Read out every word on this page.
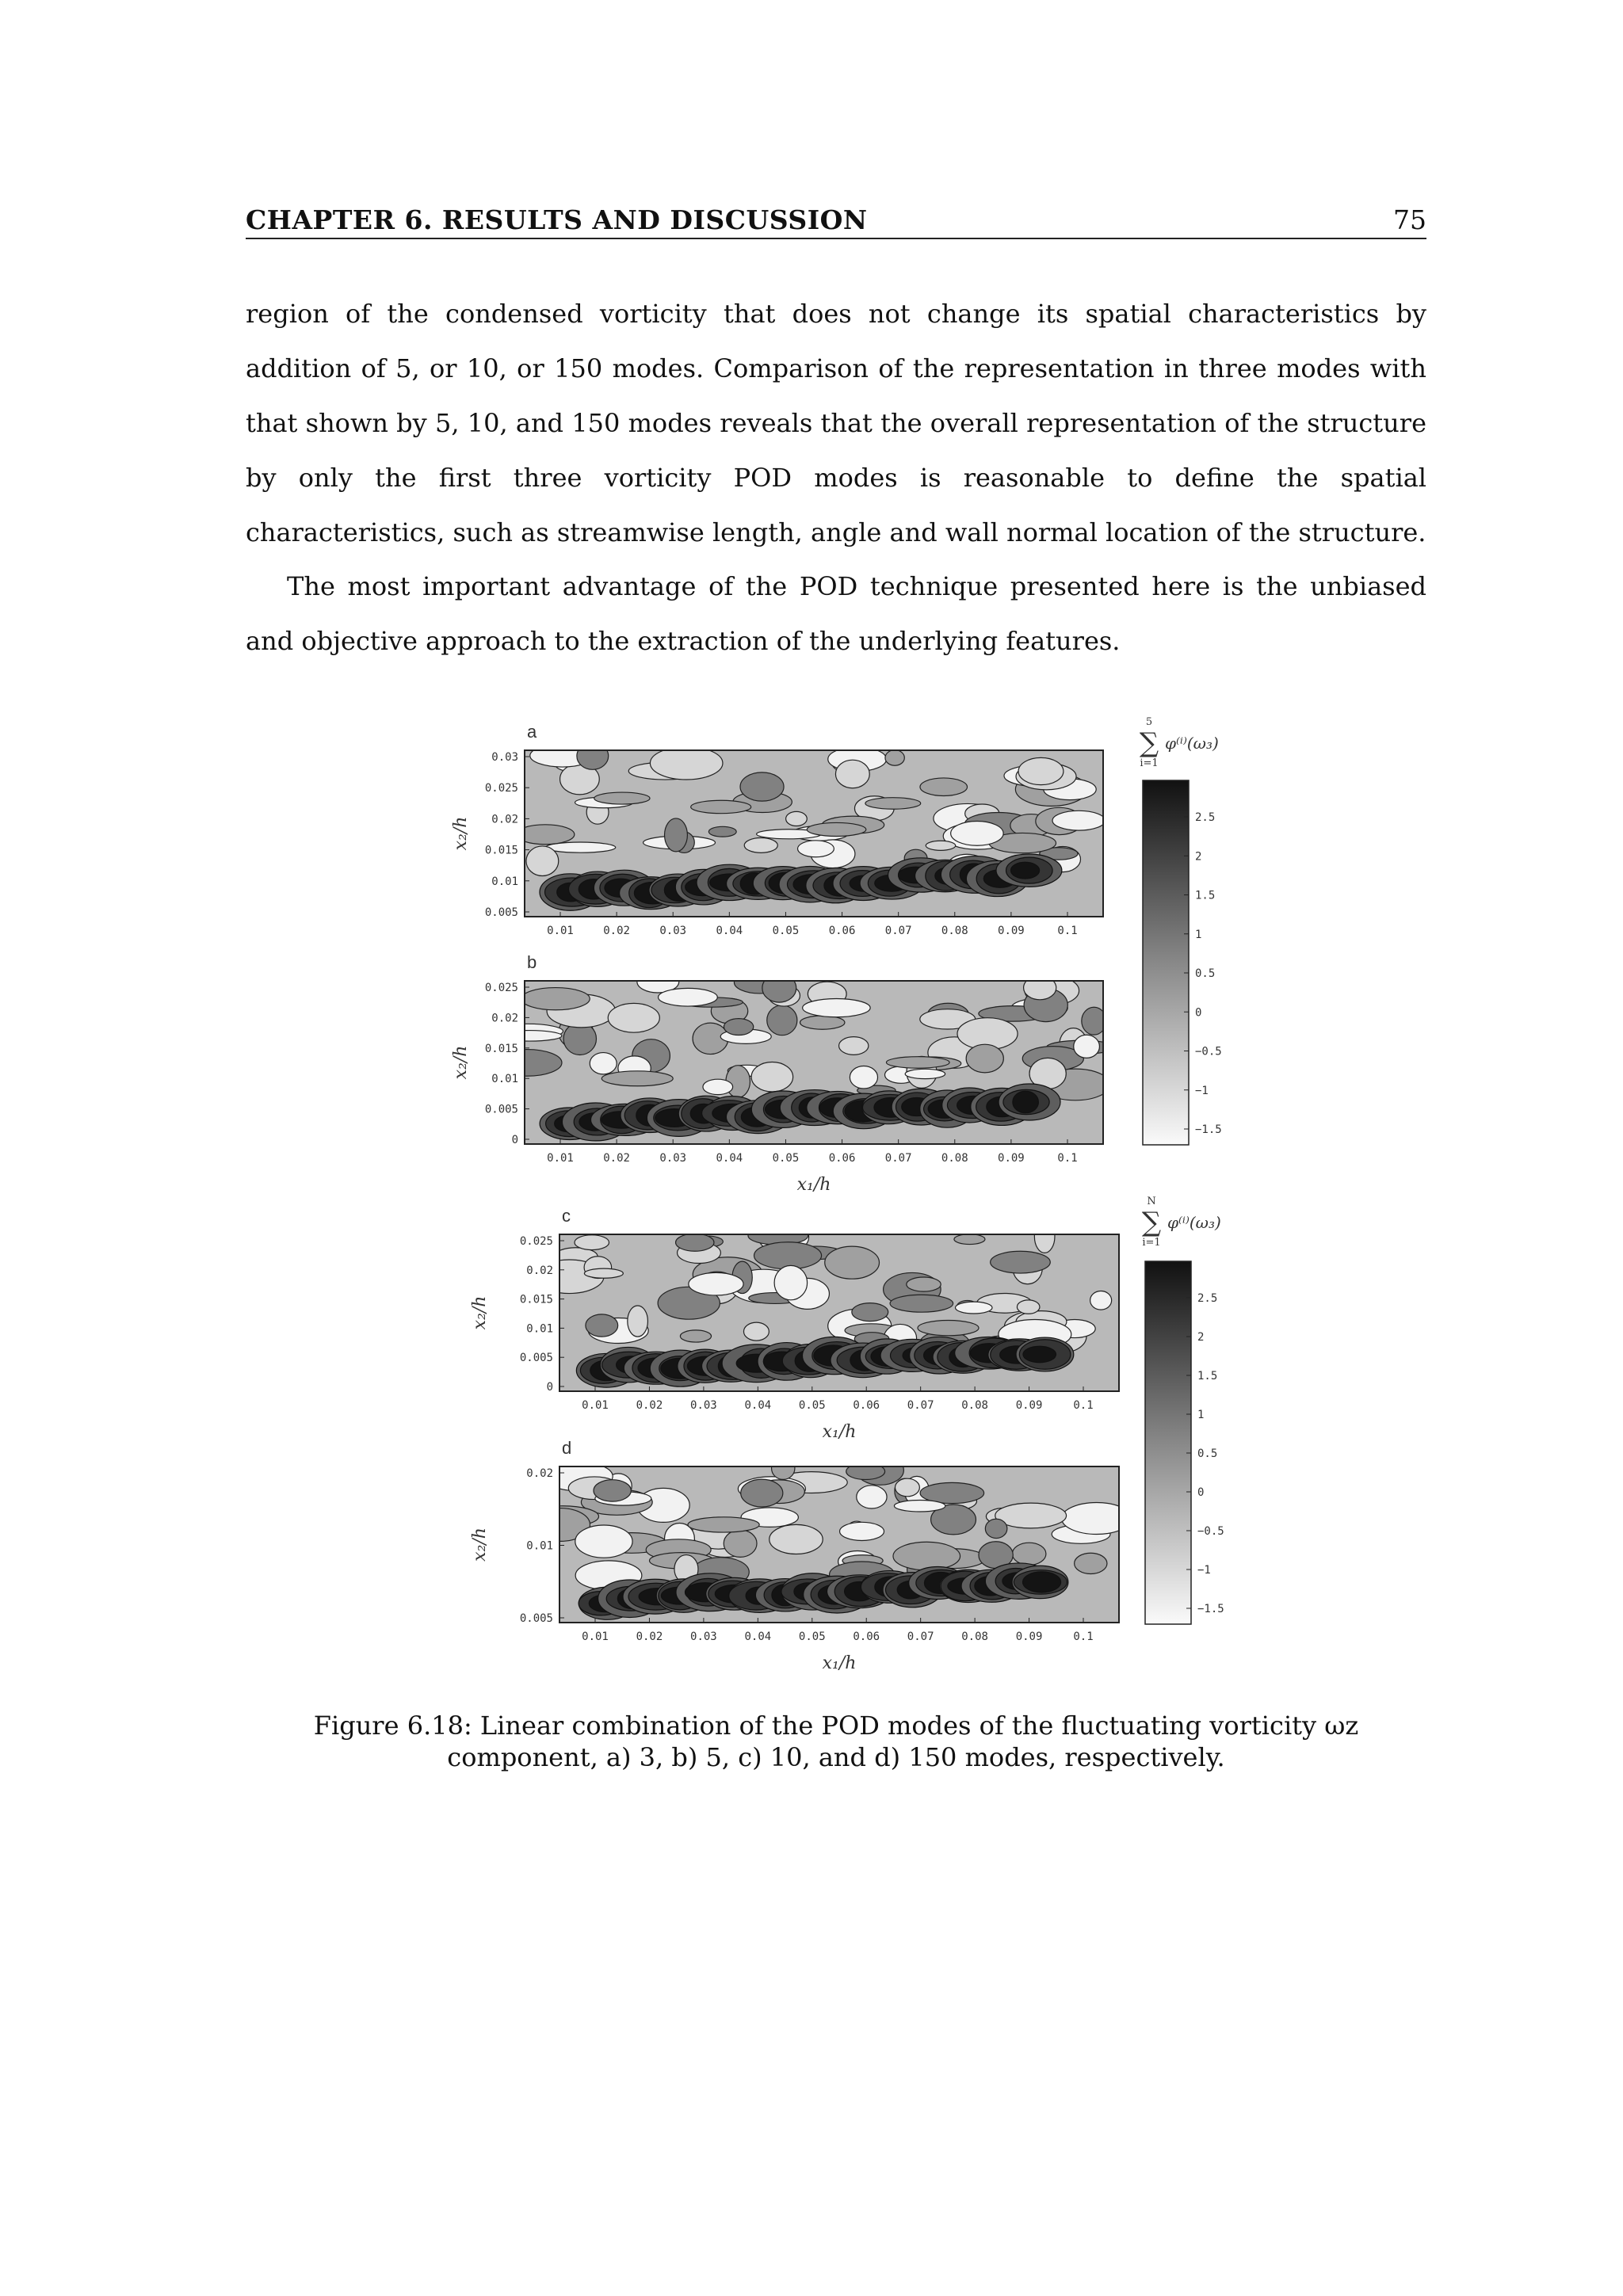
CHAPTER 6. RESULTS AND DISCUSSION	75

region of the condensed vorticity that does not change its spatial characteristics by addition of 5, or 10, or 150 modes. Comparison of the representation in three modes with that shown by 5, 10, and 150 modes reveals that the overall representation of the structure by only the first three vorticity POD modes is reasonable to define the spatial characteristics, such as streamwise length, angle and wall normal location of the structure.

The most important advantage of the POD technique presented here is the unbiased and objective approach to the extraction of the underlying features.

a
0.03
0.025
0.02
0.015
0.01
0.005
0.01	0.02	0.03	0.04	0.05	0.06	0.07	0.08	0.09	0.1
x₂/h
b
0.025
0.02
0.015
0.01
0.005
0
0.01	0.02	0.03	0.04	0.05	0.06	0.07	0.08	0.09	0.1
x₂/h
x₁/h
c
0.025
0.02
0.015
0.01
0.005
0
0.01 0.02 0.03 0.04 0.05 0.06 0.07 0.08 0.09	0.1
x₂/h
x₁/h
d
0.02
0.01
0.005
0.01 0.02 0.03 0.04 0.05 0.06 0.07 0.08 0.09	0.1
x₂/h
x₁/h
5
∑
i=1
φ⁽ⁱ⁾(ω₃)
2.5
2
1.5
1
0.5
0
−0.5
−1
−1.5
N
∑
i=1
φ⁽ⁱ⁾(ω₃)
2.5
2
1.5
1
0.5
0
−0.5
−1
−1.5

Figure 6.18: Linear combination of the POD modes of the fluctuating vorticity ωz component, a) 3, b) 5, c) 10, and d) 150 modes, respectively.
